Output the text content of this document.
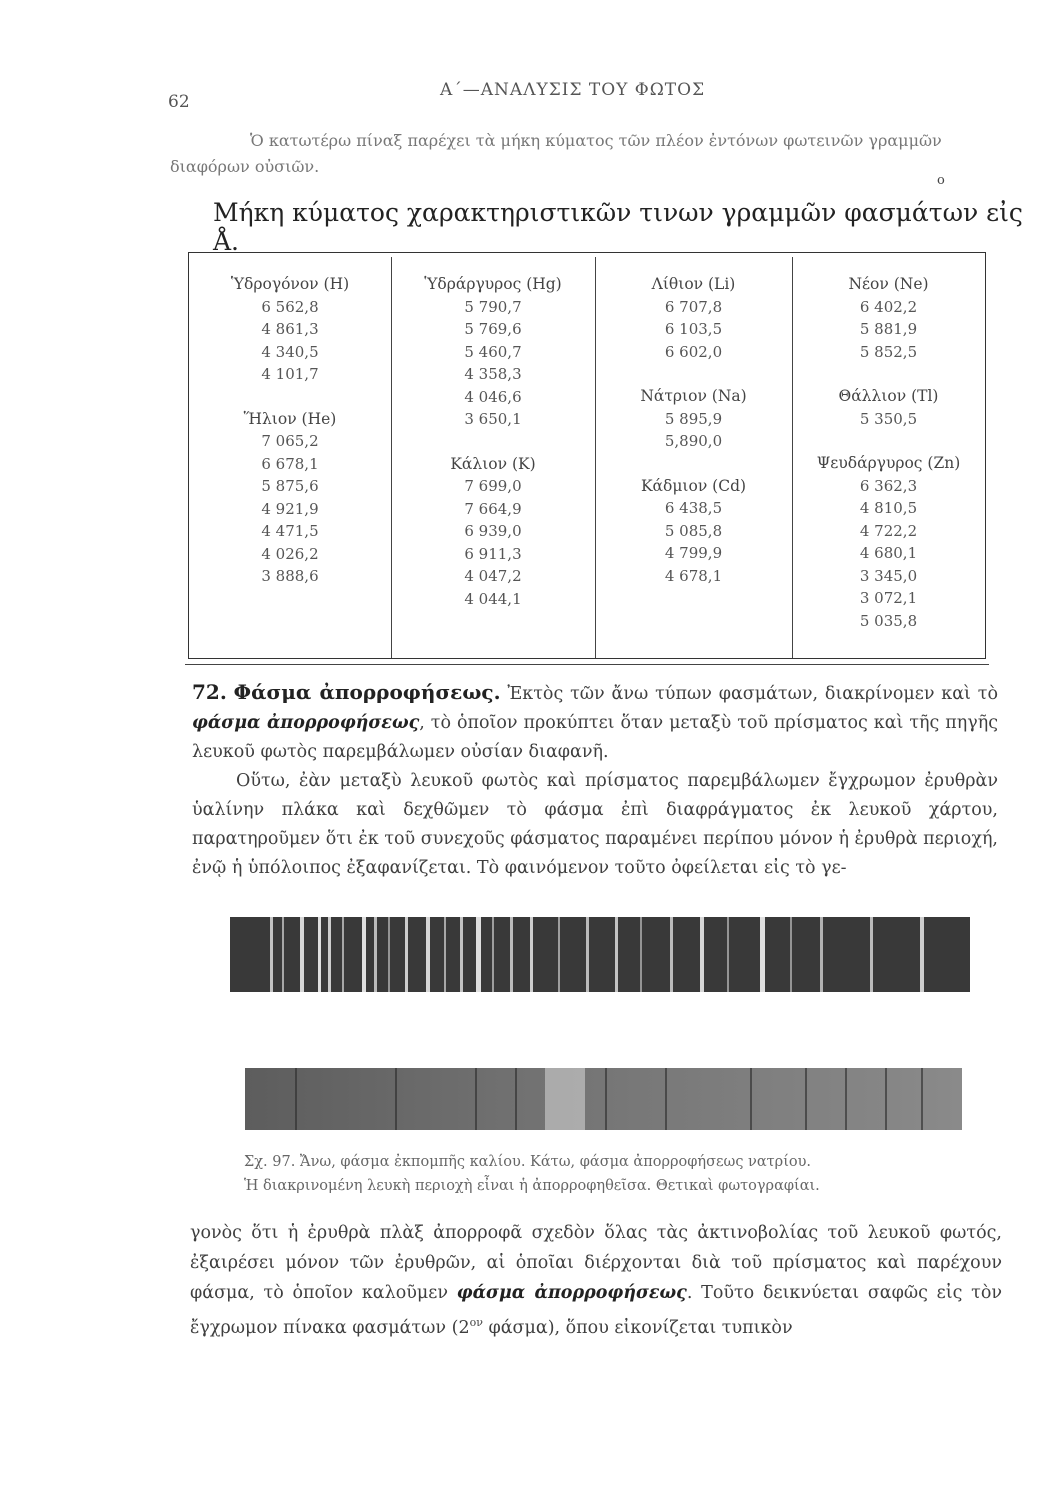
62
Α΄—ΑΝΑΛΥΣΙΣ ΤΟΥ ΦΩΤΟΣ
Ὁ κατωτέρω πίναξ παρέχει τὰ μήκη κύματος τῶν πλέον ἐντόνων φωτεινῶν γραμμῶν διαφόρων οὐσιῶν.
o
Μήκη κύματος χαρακτηριστικῶν τινων γραμμῶν φασμάτων εἰς Å.
Ὑδρογόνον (H)
6 562,8
4 861,3
4 340,5
4 101,7
Ἥλιον (He)
7 065,2
6 678,1
5 875,6
4 921,9
4 471,5
4 026,2
3 888,6
Ὑδράργυρος (Hg)
5 790,7
5 769,6
5 460,7
4 358,3
4 046,6
3 650,1
Κάλιον (K)
7 699,0
7 664,9
6 939,0
6 911,3
4 047,2
4 044,1
Λίθιον (Li)
6 707,8
6 103,5
6 602,0
Νάτριον (Na)
5 895,9
5,890,0
Κάδμιον (Cd)
6 438,5
5 085,8
4 799,9
4 678,1
Νέον (Ne)
6 402,2
5 881,9
5 852,5
Θάλλιον (Tl)
5 350,5
Ψευδάργυρος (Zn)
6 362,3
4 810,5
4 722,2
4 680,1
3 345,0
3 072,1
5 035,8

72. Φάσμα ἀπορροφήσεως. Ἐκτὸς τῶν ἄνω τύπων φασμάτων, διακρίνομεν καὶ τὸ φάσμα ἀπορροφήσεως, τὸ ὁποῖον προκύπτει ὅταν μεταξὺ τοῦ πρίσματος καὶ τῆς πηγῆς λευκοῦ φωτὸς παρεμβάλωμεν οὐσίαν διαφανῆ.

Οὕτω, ἐὰν μεταξὺ λευκοῦ φωτὸς καὶ πρίσματος παρεμβάλωμεν ἔγχρωμον ἐρυθρὰν ὑαλίνην πλάκα καὶ δεχθῶμεν τὸ φάσμα ἐπὶ διαφράγματος ἐκ λευκοῦ χάρτου, παρατηροῦμεν ὅτι ἐκ τοῦ συνεχοῦς φάσματος παραμένει περίπου μόνον ἡ ἐρυθρὰ περιοχή, ἐνῷ ἡ ὑπόλοιπος ἐξαφανίζεται. Τὸ φαινόμενον τοῦτο ὀφείλεται εἰς τὸ γε-

Σχ. 97. Ἄνω, φάσμα ἐκπομπῆς καλίου. Κάτω, φάσμα ἀπορροφήσεως νατρίου.

Ἡ διακρινομένη λευκὴ περιοχὴ εἶναι ἡ ἀπορροφηθεῖσα. Θετικαὶ φωτογραφίαι.

γονὸς ὅτι ἡ ἐρυθρὰ πλὰξ ἀπορροφᾶ σχεδὸν ὅλας τὰς ἀκτινοβολίας τοῦ λευκοῦ φωτός, ἐξαιρέσει μόνον τῶν ἐρυθρῶν, αἱ ὁποῖαι διέρχονται διὰ τοῦ πρίσματος καὶ παρέχουν φάσμα, τὸ ὁποῖον καλοῦμεν φάσμα ἀπορροφήσεως. Τοῦτο δεικνύεται σαφῶς εἰς τὸν ἔγχρωμον πίνακα φασμάτων ($2^{o\nu}$ φάσμα), ὅπου εἰκονίζεται τυπικὸν
